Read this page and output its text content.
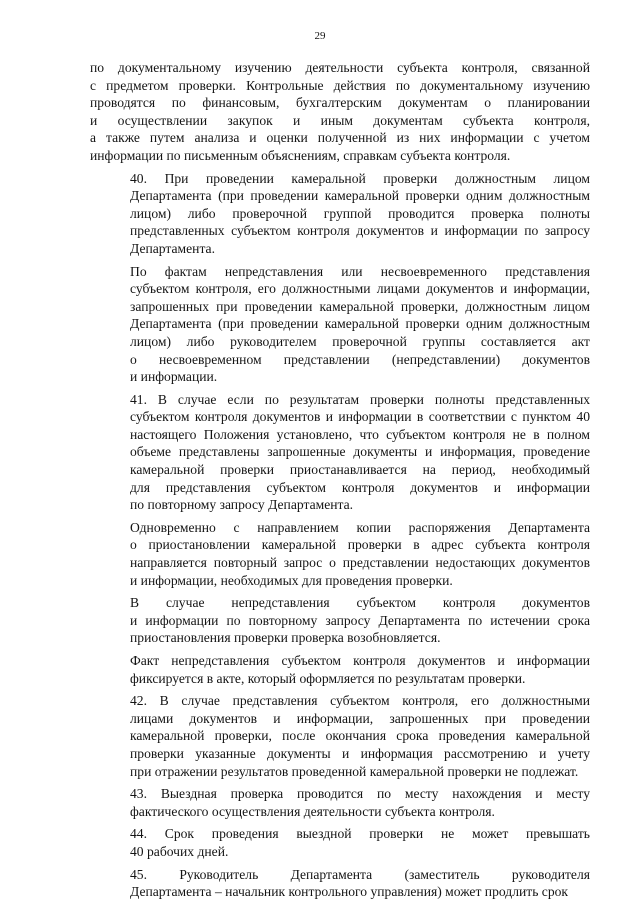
29

по документальному изучению деятельности субъекта контроля, связанной
с предметом проверки. Контрольные действия по документальному изучению
проводятся по финансовым, бухгалтерским документам о планировании
и осуществлении закупок и иным документам субъекта контроля,
а также путем анализа и оценки полученной из них информации с учетом
информации по письменным объяснениям, справкам субъекта контроля.

40. При проведении камеральной проверки должностным лицом
Департамента (при проведении камеральной проверки одним должностным
лицом) либо проверочной группой проводится проверка полноты
представленных субъектом контроля документов и информации по запросу
Департамента.

По фактам непредставления или несвоевременного представления
субъектом контроля, его должностными лицами документов и информации,
запрошенных при проведении камеральной проверки, должностным лицом
Департамента (при проведении камеральной проверки одним должностным
лицом) либо руководителем проверочной группы составляется акт
о несвоевременном представлении (непредставлении) документов
и информации.

41. В случае если по результатам проверки полноты представленных
субъектом контроля документов и информации в соответствии с пунктом 40
настоящего Положения установлено, что субъектом контроля не в полном
объеме представлены запрошенные документы и информация, проведение
камеральной проверки приостанавливается на период, необходимый
для представления субъектом контроля документов и информации
по повторному запросу Департамента.

Одновременно с направлением копии распоряжения Департамента
о приостановлении камеральной проверки в адрес субъекта контроля
направляется повторный запрос о представлении недостающих документов
и информации, необходимых для проведения проверки.

В случае непредставления субъектом контроля документов
и информации по повторному запросу Департамента по истечении срока
приостановления проверки проверка возобновляется.

Факт непредставления субъектом контроля документов и информации
фиксируется в акте, который оформляется по результатам проверки.

42. В случае представления субъектом контроля, его должностными
лицами документов и информации, запрошенных при проведении
камеральной проверки, после окончания срока проведения камеральной
проверки указанные документы и информация рассмотрению и учету
при отражении результатов проведенной камеральной проверки не подлежат.

43. Выездная проверка проводится по месту нахождения и месту
фактического осуществления деятельности субъекта контроля.

44. Срок проведения выездной проверки не может превышать
40 рабочих дней.

45. Руководитель Департамента (заместитель руководителя
Департамента – начальник контрольного управления) может продлить срок
